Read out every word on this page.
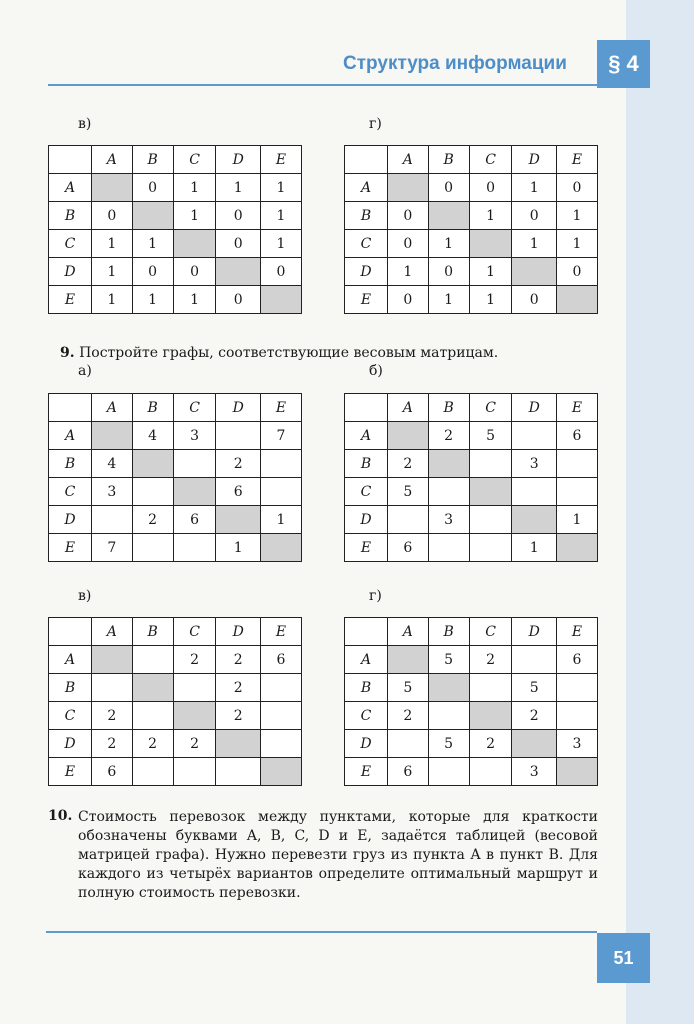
Структура информации	§ 4
в)	г)
	A	B	C	D	E
A		0	1	1	1
B	0		1	0	1
C	1	1		0	1
D	1	0	0		0
E	1	1	1	0	
	A	B	C	D	E
A		0	0	1	0
B	0		1	0	1
C	0	1		1	1
D	1	0	1		0
E	0	1	1	0	
9. Постройте графы, соответствующие весовым матрицам.
а)	б)
	A	B	C	D	E
A		4	3		7
B	4			2	
C	3			6	
D		2	6		1
E	7			1	
	A	B	C	D	E
A		2	5		6
B	2			3	
C	5				
D		3			1
E	6			1	
в)	г)
	A	B	C	D	E
A			2	2	6
B				2	
C	2			2	
D	2	2	2		
E	6				
	A	B	C	D	E
A		5	2		6
B	5			5	
C	2			2	
D		5	2		3
E	6			3	
10. Стоимость перевозок между пунктами, которые для краткости обозначены буквами A, B, C, D и E, задаётся таблицей (весовой матрицей графа). Нужно перевезти груз из пункта A в пункт B. Для каждого из четырёх вариантов определите оптимальный маршрут и полную стоимость перевозки.
51
